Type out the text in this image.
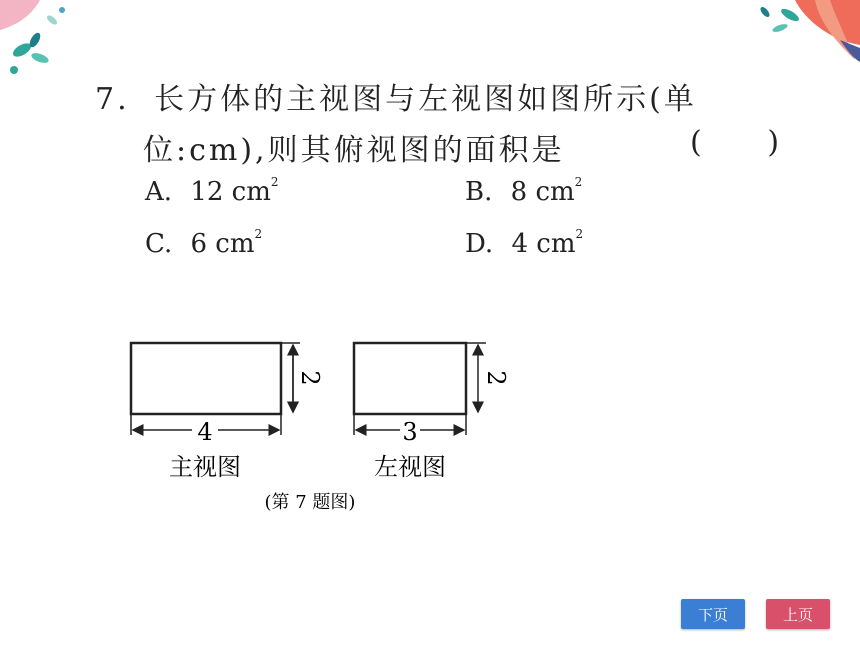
7. 长方体的主视图与左视图如图所示(单
位:cm),则其俯视图的面积是	(     )
A. 12 $cm^2$	B. 8 $cm^2$
C. 6 $cm^2$	D. 4 $cm^2$
4
2
主视图
3
2
左视图
(第 7 题图)
下页	上页
